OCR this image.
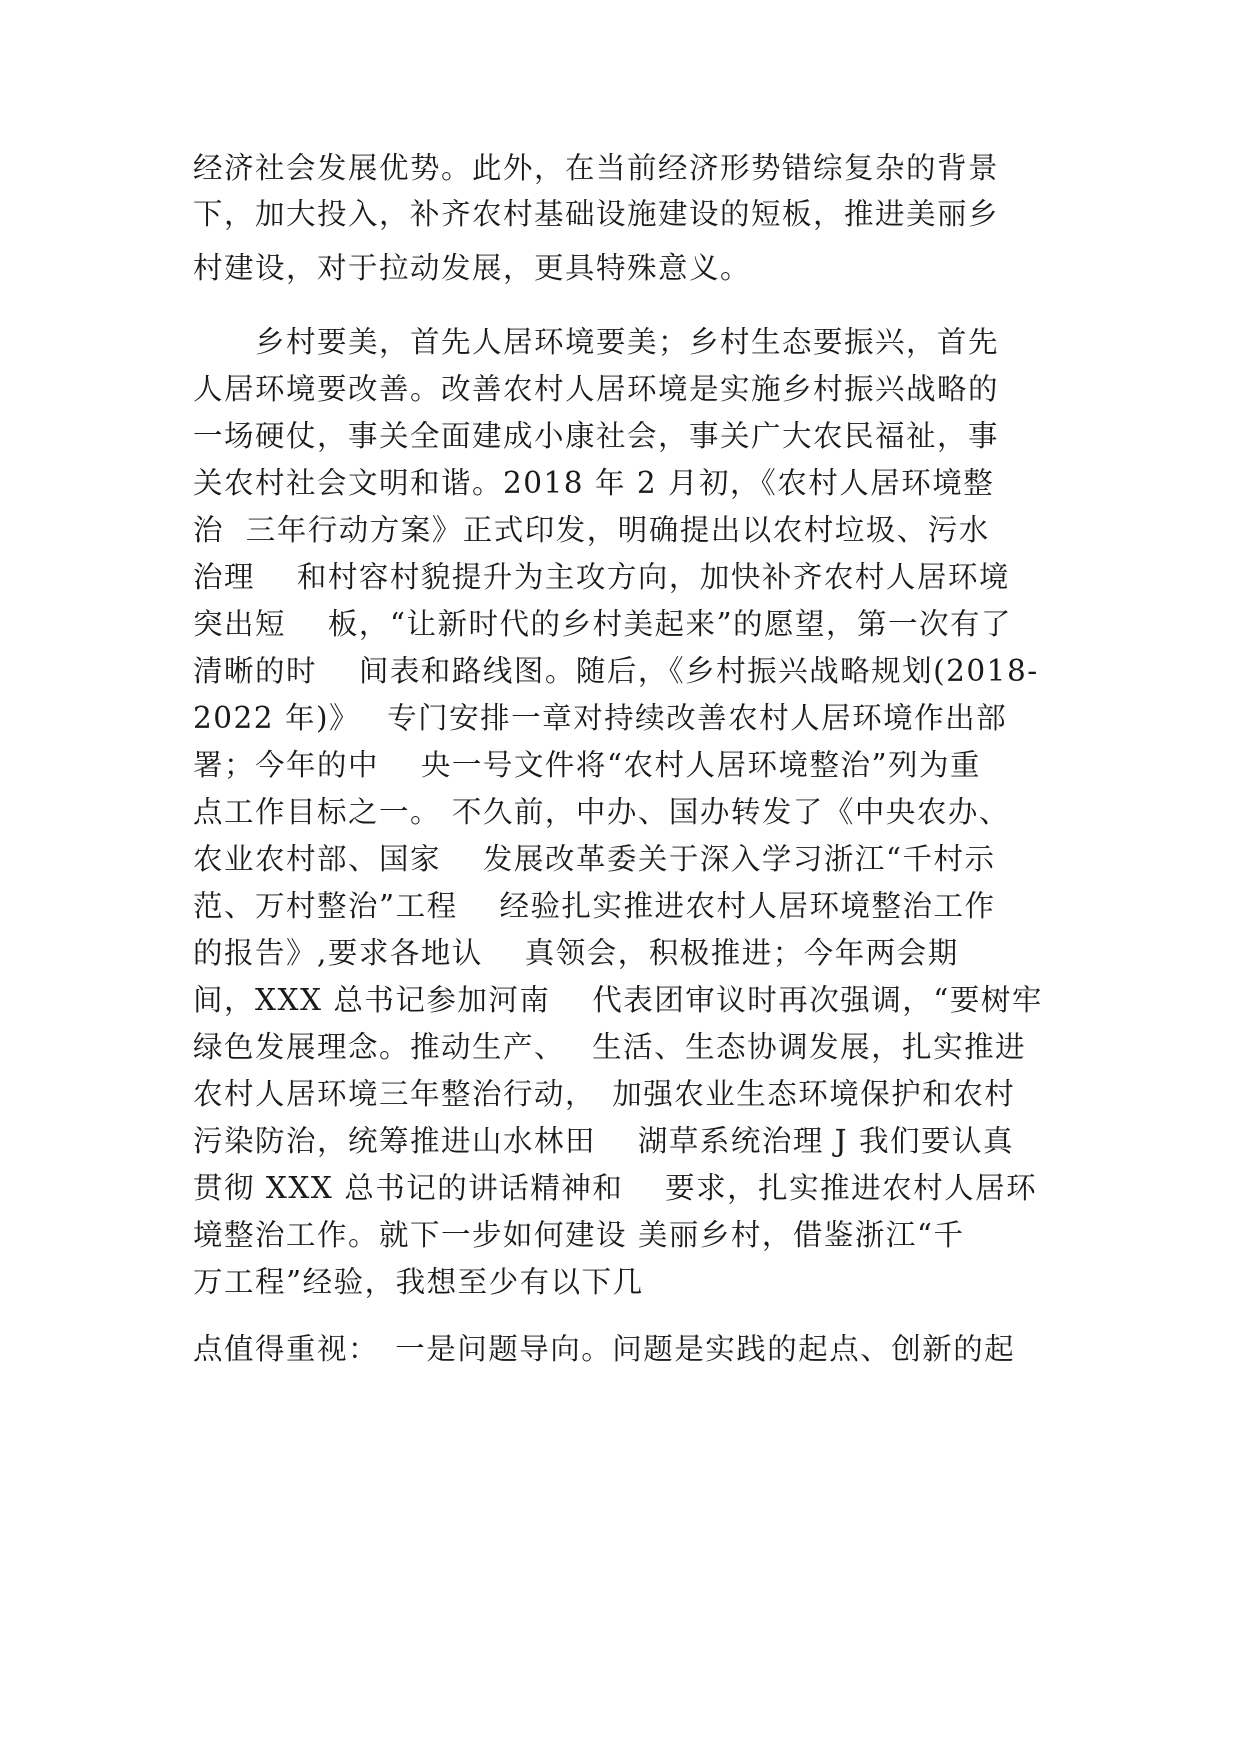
经济社会发展优势。此外，在当前经济形势错综复杂的背景
下，加大投入，补齐农村基础设施建设的短板，推进美丽乡
村建设，对于拉动发展，更具特殊意义。
　　乡村要美，首先人居环境要美；乡村生态要振兴，首先
人居环境要改善。改善农村人居环境是实施乡村振兴战略的
一场硬仗，事关全面建成小康社会，事关广大农民福祉，事
关农村社会文明和谐。2018 年 2 月初，《农村人居环境整
治  三年行动方案》正式印发，明确提出以农村垃圾、污水
治理　 和村容村貌提升为主攻方向，加快补齐农村人居环境
突出短　 板，“让新时代的乡村美起来”的愿望，第一次有了
清晰的时　 间表和路线图。随后，《乡村振兴战略规划(2018-
2022 年)》　 专门安排一章对持续改善农村人居环境作出部
署；今年的中　 央一号文件将“农村人居环境整治”列为重
点工作目标之一。 不久前，中办、国办转发了《中央农办、
农业农村部、国家　 发展改革委关于深入学习浙江“千村示
范、万村整治”工程　 经验扎实推进农村人居环境整治工作
的报告》,要求各地认　 真领会，积极推进；今年两会期
间，XXX 总书记参加河南　 代表团审议时再次强调，“要树牢
绿色发展理念。推动生产、　 生活、生态协调发展，扎实推进
农村人居环境三年整治行动，　加强农业生态环境保护和农村
污染防治，统筹推进山水林田　 湖草系统治理 J 我们要认真
贯彻 XXX 总书记的讲话精神和　 要求，扎实推进农村人居环
境整治工作。就下一步如何建设 美丽乡村，借鉴浙江“千
万工程”经验，我想至少有以下几
点值得重视：　一是问题导向。问题是实践的起点、创新的起
